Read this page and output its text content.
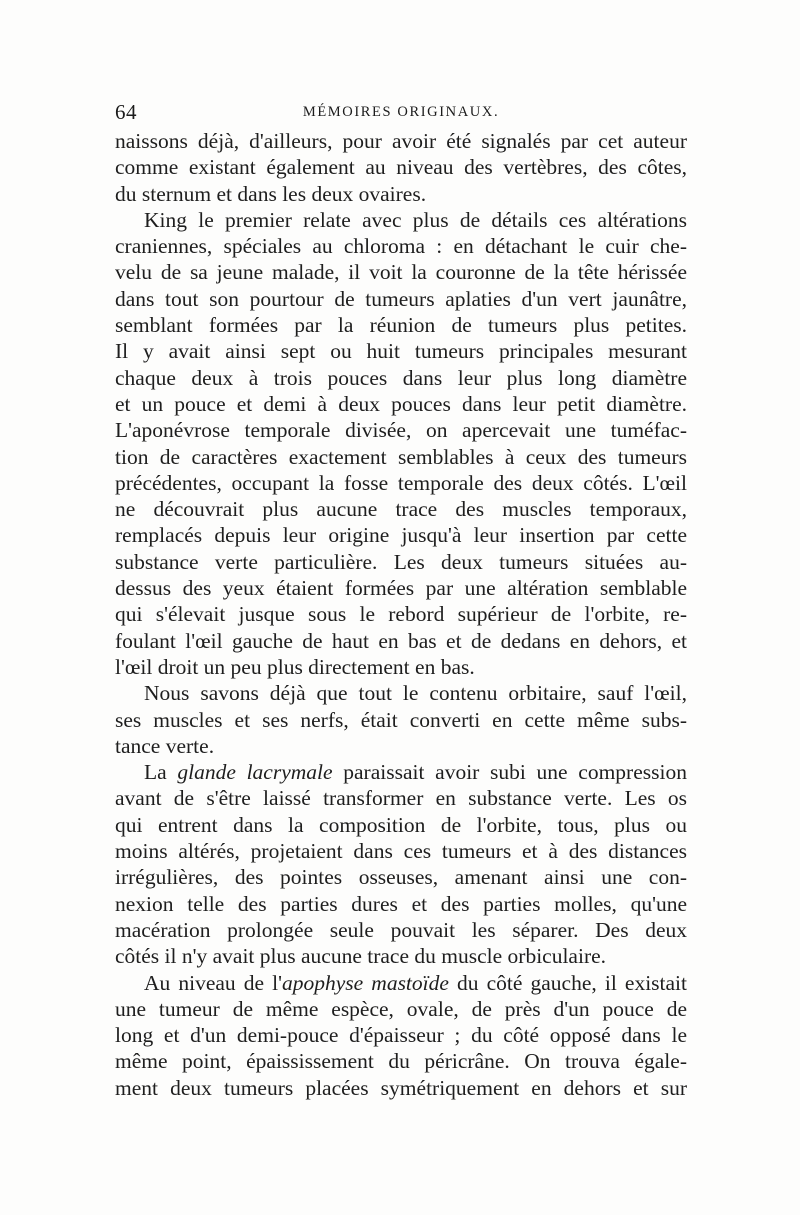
64	MÉMOIRES ORIGINAUX.
naissons déjà, d'ailleurs, pour avoir été signalés par cet auteur
comme existant également au niveau des vertèbres, des côtes,
du sternum et dans les deux ovaires.
King le premier relate avec plus de détails ces altérations
craniennes, spéciales au chloroma : en détachant le cuir che-
velu de sa jeune malade, il voit la couronne de la tête hérissée
dans tout son pourtour de tumeurs aplaties d'un vert jaunâtre,
semblant formées par la réunion de tumeurs plus petites.
Il y avait ainsi sept ou huit tumeurs principales mesurant
chaque deux à trois pouces dans leur plus long diamètre
et un pouce et demi à deux pouces dans leur petit diamètre.
L'aponévrose temporale divisée, on apercevait une tuméfac-
tion de caractères exactement semblables à ceux des tumeurs
précédentes, occupant la fosse temporale des deux côtés. L'œil
ne découvrait plus aucune trace des muscles temporaux,
remplacés depuis leur origine jusqu'à leur insertion par cette
substance verte particulière. Les deux tumeurs situées au-
dessus des yeux étaient formées par une altération semblable
qui s'élevait jusque sous le rebord supérieur de l'orbite, re-
foulant l'œil gauche de haut en bas et de dedans en dehors, et
l'œil droit un peu plus directement en bas.
Nous savons déjà que tout le contenu orbitaire, sauf l'œil,
ses muscles et ses nerfs, était converti en cette même subs-
tance verte.
La glande lacrymale paraissait avoir subi une compression
avant de s'être laissé transformer en substance verte. Les os
qui entrent dans la composition de l'orbite, tous, plus ou
moins altérés, projetaient dans ces tumeurs et à des distances
irrégulières, des pointes osseuses, amenant ainsi une con-
nexion telle des parties dures et des parties molles, qu'une
macération prolongée seule pouvait les séparer. Des deux
côtés il n'y avait plus aucune trace du muscle orbiculaire.
Au niveau de l'apophyse mastoïde du côté gauche, il existait
une tumeur de même espèce, ovale, de près d'un pouce de
long et d'un demi-pouce d'épaisseur ; du côté opposé dans le
même point, épaississement du péricrâne. On trouva égale-
ment deux tumeurs placées symétriquement en dehors et sur
